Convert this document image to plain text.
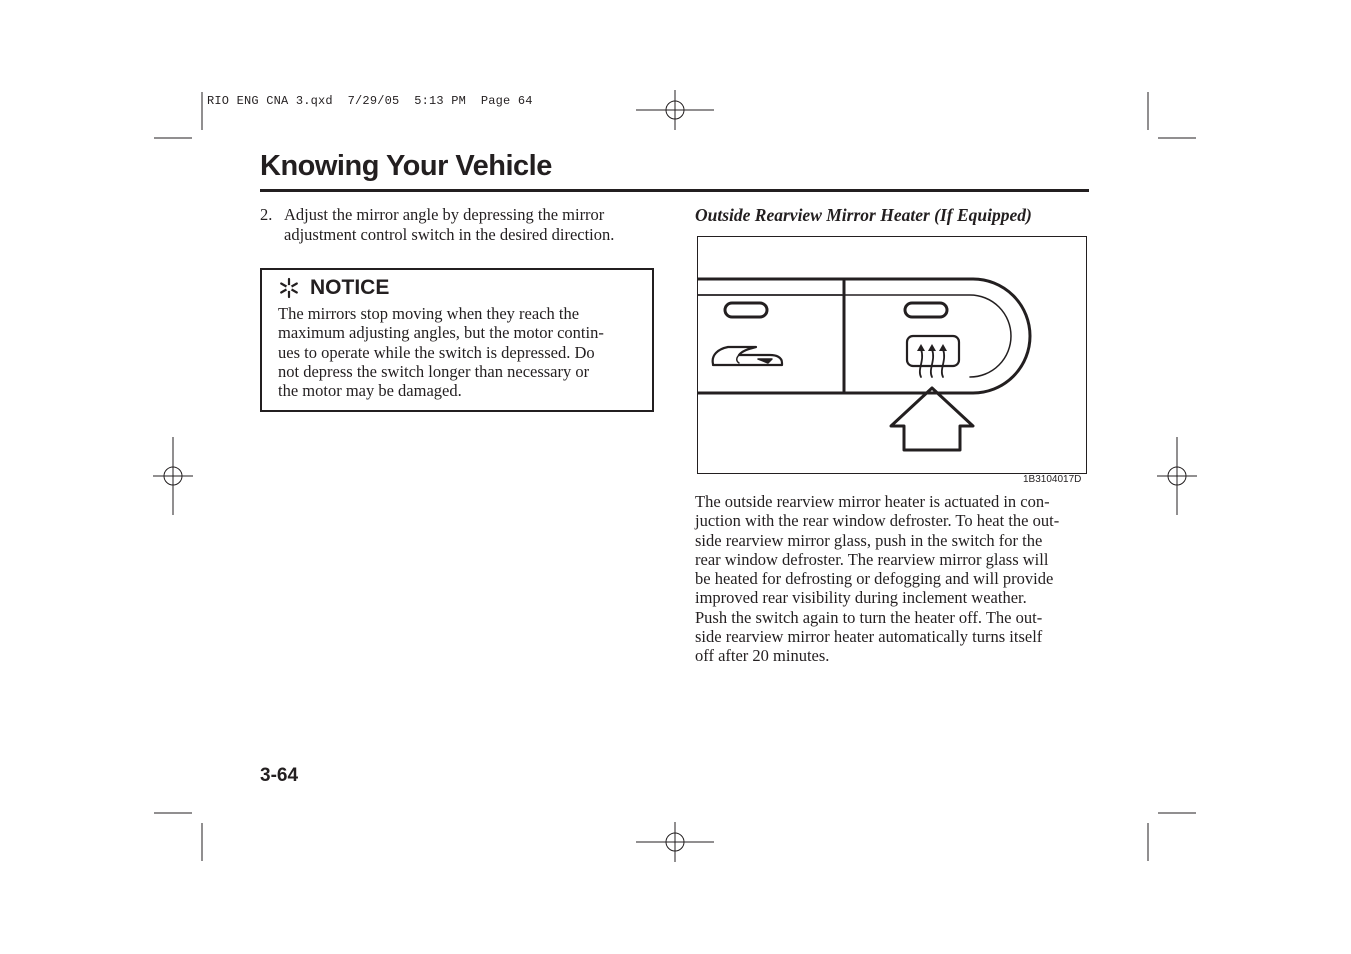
RIO ENG CNA 3.qxd  7/29/05  5:13 PM  Page 64
Knowing Your Vehicle
2. Adjust the mirror angle by depressing the mirror
adjustment control switch in the desired direction.
NOTICE
The mirrors stop moving when they reach the
maximum adjusting angles, but the motor contin-
ues to operate while the switch is depressed. Do
not depress the switch longer than necessary or
the motor may be damaged.
Outside Rearview Mirror Heater (If Equipped)
1B3104017D
The outside rearview mirror heater is actuated in con-
juction with the rear window defroster. To heat the out-
side rearview mirror glass, push in the switch for the
rear window defroster. The rearview mirror glass will
be heated for defrosting or defogging and will provide
improved rear visibility during inclement weather.
Push the switch again to turn the heater off. The out-
side rearview mirror heater automatically turns itself
off after 20 minutes.
3-64
